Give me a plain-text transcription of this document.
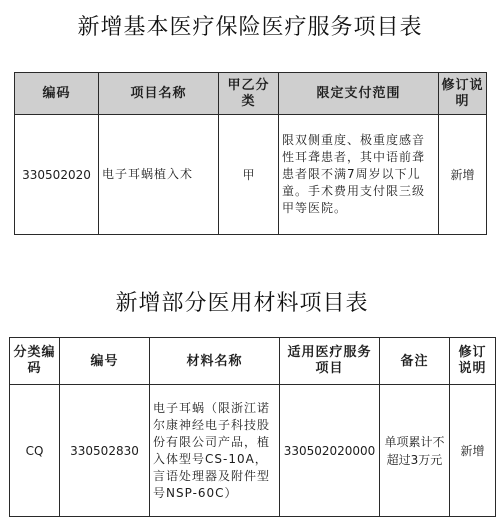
新增基本医疗保险医疗服务项目表
编码	项目名称	甲乙分类	限定支付范围	修订说明
330502020	电子耳蜗植入术	甲	限双侧重度、极重度感音性耳聋患者，其中语前聋患者限不满7周岁以下儿童。手术费用支付限三级甲等医院。	新增
新增部分医用材料项目表
分类编码	编号	材料名称	适用医疗服务项目	备注	修订说明
CQ	330502830	电子耳蜗（限浙江诺尔康神经电子科技股份有限公司产品，植入体型号CS-10A，言语处理器及附件型号NSP-60C）	330502020000	单项累计不超过3万元	新增
